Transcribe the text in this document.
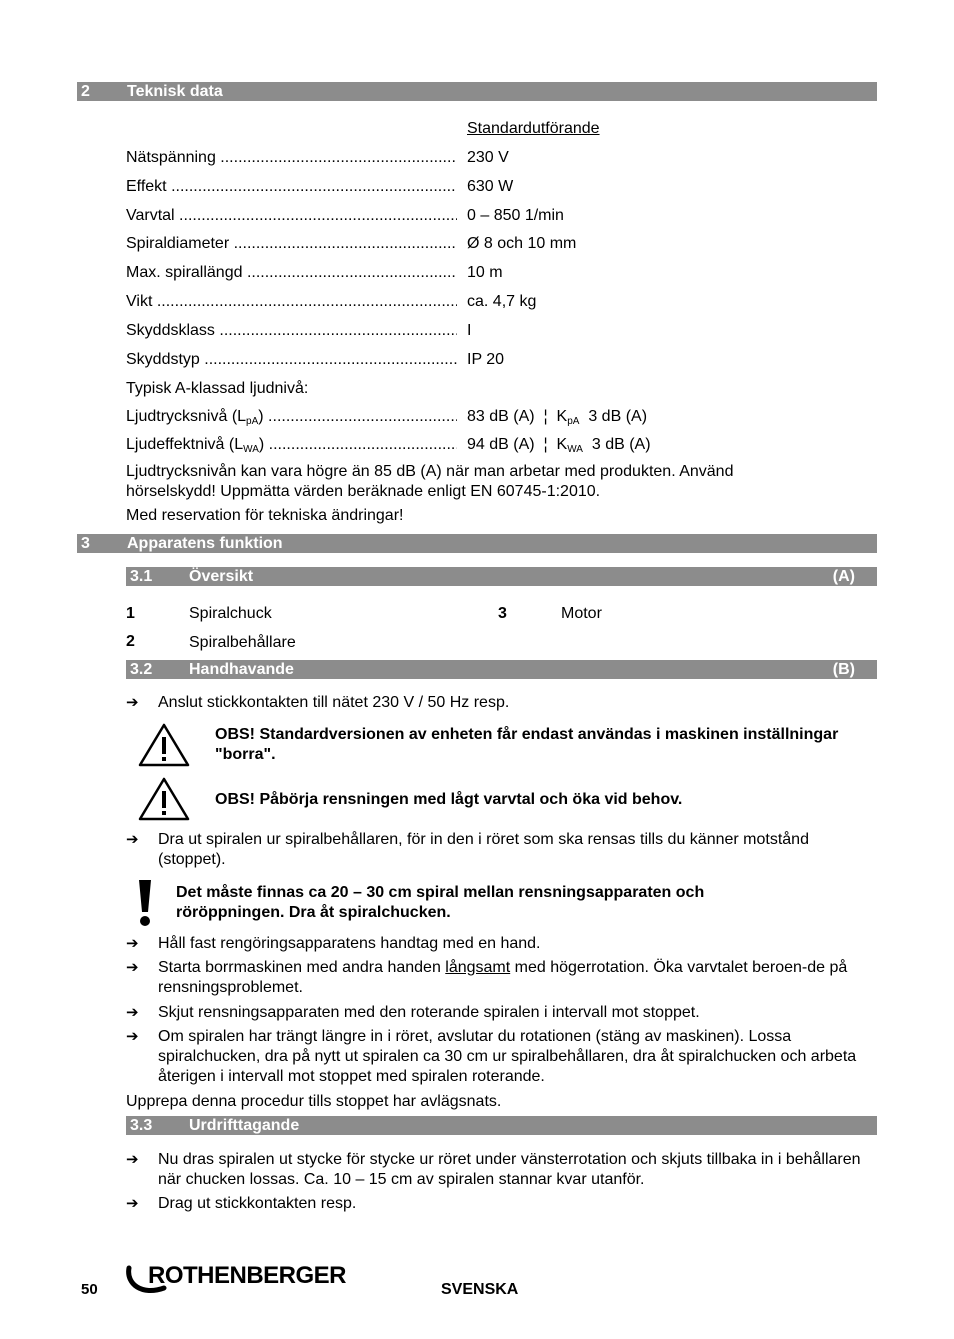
2 Teknisk data
Standardutförande
Nätspänning .....	230 V
Effekt .....	630 W
Varvtal .....	0 – 850 1/min
Spiraldiameter .....	Ø 8 och 10 mm
Max. spirallängd .....	10 m
Vikt .....	ca. 4,7 kg
Skyddsklass .....	I
Skyddstyp .....	IP 20
Typisk A-klassad ljudnivå:
Ljudtrycksnivå $(L_{pA})$ .....	83 dB (A) ¦ $K_{pA}$ 3 dB (A)
Ljudeffektnivå $(L_{WA})$ .....	94 dB (A) ¦ $K_{WA}$ 3 dB (A)
Ljudtrycksnivån kan vara högre än 85 dB (A) när man arbetar med produkten. Använd hörselskydd! Uppmätta värden beräknade enligt EN 60745-1:2010.
Med reservation för tekniska ändringar!
3 Apparatens funktion
3.1 Översikt	(A)
1	Spiralchuck
2	Spiralbehållare
3	Motor
3.2 Handhavande	(B)
➔ Anslut stickkontakten till nätet 230 V / 50 Hz resp.
OBS! Standardversionen av enheten får endast användas i maskinen inställningar "borra".
OBS! Påbörja rensningen med lågt varvtal och öka vid behov.
➔ Dra ut spiralen ur spiralbehållaren, för in den i röret som ska rensas tills du känner motstånd (stoppet).
Det måste finnas ca 20 – 30 cm spiral mellan rensningsapparaten och röröppningen. Dra åt spiralchucken.
➔ Håll fast rengöringsapparatens handtag med en hand.
➔ Starta borrmaskinen med andra handen långsamt med högerrotation. Öka varvtalet beroen-de på rensningsproblemet.
➔ Skjut rensningsapparaten med den roterande spiralen i intervall mot stoppet.
➔ Om spiralen har trängt längre in i röret, avslutar du rotationen (stäng av maskinen). Lossa spiralchucken, dra på nytt ut spiralen ca 30 cm ur spiralbehållaren, dra åt spiralchucken och arbeta återigen i intervall mot stoppet med spiralen roterande.
Upprepa denna procedur tills stoppet har avlägsnats.
3.3 Urdrifttagande
➔ Nu dras spiralen ut stycke för stycke ur röret under vänsterrotation och skjuts tillbaka in i behållaren när chucken lossas. Ca. 10 – 15 cm av spiralen stannar kvar utanför.
➔ Drag ut stickkontakten resp.
50
ROTHENBERGER
SVENSKA
